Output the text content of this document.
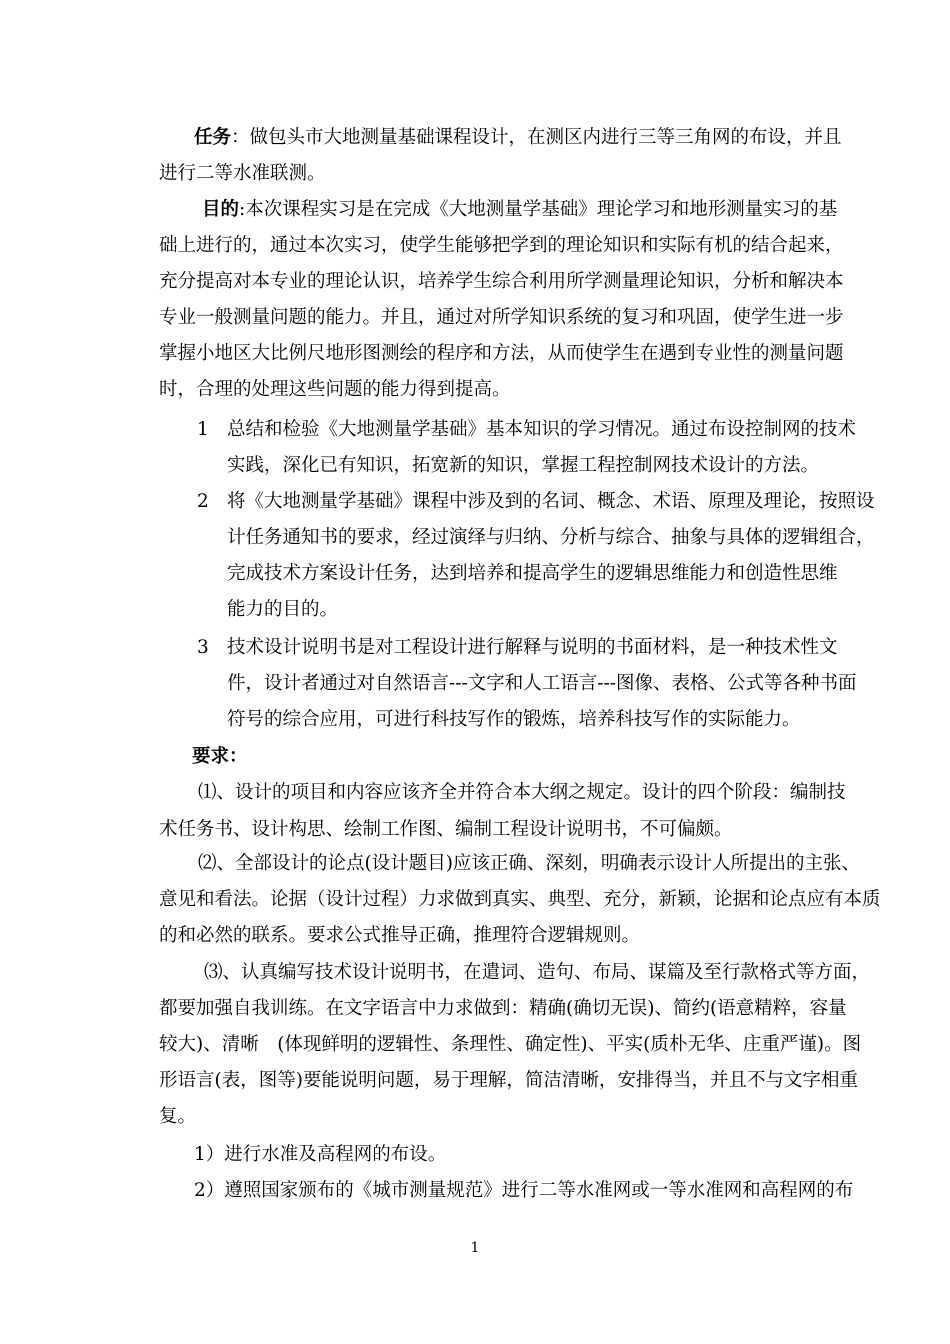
任务：做包头市大地测量基础课程设计，在测区内进行三等三角网的布设，并且
进行二等水准联测。
目的:本次课程实习是在完成《大地测量学基础》理论学习和地形测量实习的基
础上进行的，通过本次实习，使学生能够把学到的理论知识和实际有机的结合起来，
充分提高对本专业的理论认识，培养学生综合利用所学测量理论知识，分析和解决本
专业一般测量问题的能力。并且，通过对所学知识系统的复习和巩固，使学生进一步
掌握小地区大比例尺地形图测绘的程序和方法，从而使学生在遇到专业性的测量问题
时，合理的处理这些问题的能力得到提高。
1 总结和检验《大地测量学基础》基本知识的学习情况。通过布设控制网的技术
实践，深化已有知识，拓宽新的知识，掌握工程控制网技术设计的方法。
2 将《大地测量学基础》课程中涉及到的名词、概念、术语、原理及理论，按照设
计任务通知书的要求，经过演绎与归纳、分析与综合、抽象与具体的逻辑组合，
完成技术方案设计任务，达到培养和提高学生的逻辑思维能力和创造性思维
能力的目的。
3 技术设计说明书是对工程设计进行解释与说明的书面材料，是一种技术性文
件，设计者通过对自然语言---文字和人工语言---图像、表格、公式等各种书面
符号的综合应用，可进行科技写作的锻炼，培养科技写作的实际能力。
要求：
⑴、设计的项目和内容应该齐全并符合本大纲之规定。设计的四个阶段：编制技
术任务书、设计构思、绘制工作图、编制工程设计说明书，不可偏颇。
⑵、全部设计的论点(设计题目)应该正确、深刻，明确表示设计人所提出的主张、
意见和看法。论据（设计过程）力求做到真实、典型、充分，新颖，论据和论点应有本质
的和必然的联系。要求公式推导正确，推理符合逻辑规则。
⑶、认真编写技术设计说明书，在遣词、造句、布局、谋篇及至行款格式等方面，
都要加强自我训练。在文字语言中力求做到：精确(确切无误)、简约(语意精粹，容量
较大)、清晰　(体现鲜明的逻辑性、条理性、确定性)、平实(质朴无华、庄重严谨)。图
形语言(表，图等)要能说明问题，易于理解，简洁清晰，安排得当，并且不与文字相重
复。
1）进行水准及高程网的布设。
2）遵照国家颁布的《城市测量规范》进行二等水准网或一等水准网和高程网的布
1
